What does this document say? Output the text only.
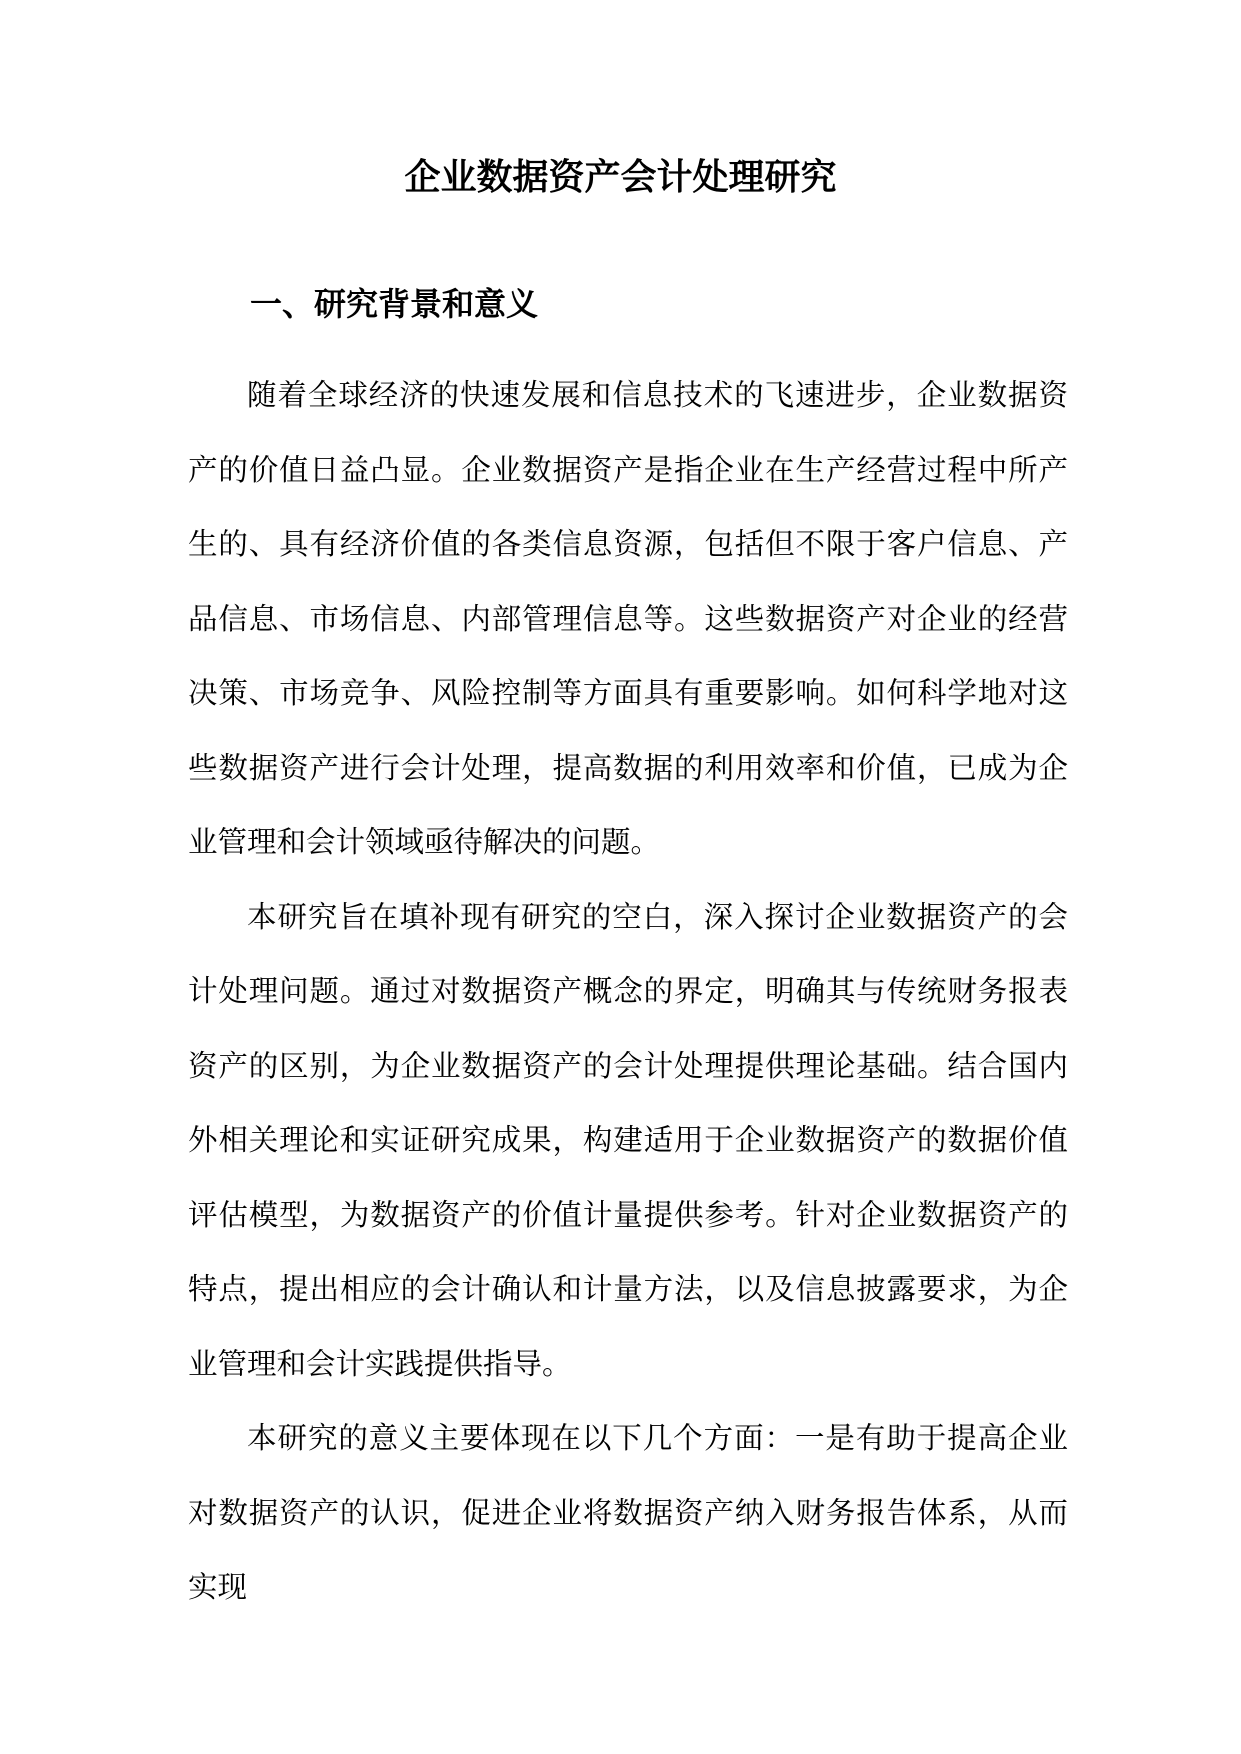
企业数据资产会计处理研究
一、研究背景和意义

随着全球经济的快速发展和信息技术的飞速进步，企业数据资产的价值日益凸显。企业数据资产是指企业在生产经营过程中所产生的、具有经济价值的各类信息资源，包括但不限于客户信息、产品信息、市场信息、内部管理信息等。这些数据资产对企业的经营决策、市场竞争、风险控制等方面具有重要影响。如何科学地对这些数据资产进行会计处理，提高数据的利用效率和价值，已成为企业管理和会计领域亟待解决的问题。

本研究旨在填补现有研究的空白，深入探讨企业数据资产的会计处理问题。通过对数据资产概念的界定，明确其与传统财务报表资产的区别，为企业数据资产的会计处理提供理论基础。结合国内外相关理论和实证研究成果，构建适用于企业数据资产的数据价值评估模型，为数据资产的价值计量提供参考。针对企业数据资产的特点，提出相应的会计确认和计量方法，以及信息披露要求，为企业管理和会计实践提供指导。

本研究的意义主要体现在以下几个方面：一是有助于提高企业对数据资产的认识，促进企业将数据资产纳入财务报告体系，从而实现
